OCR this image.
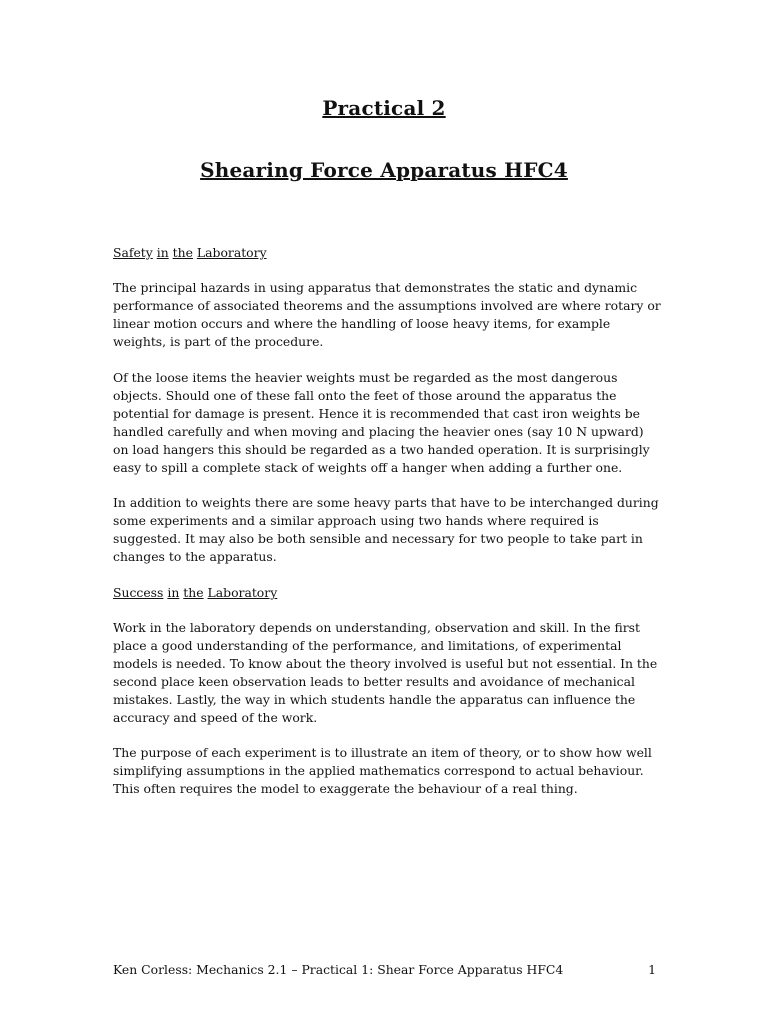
Practical 2
Shearing Force Apparatus HFC4
Safety in the Laboratory
The principal hazards in using apparatus that demonstrates the static and dynamic performance of associated theorems and the assumptions involved are where rotary or linear motion occurs and where the handling of loose heavy items, for example weights, is part of the procedure.
Of the loose items the heavier weights must be regarded as the most dangerous objects. Should one of these fall onto the feet of those around the apparatus the potential for damage is present. Hence it is recommended that cast iron weights be handled carefully and when moving and placing the heavier ones (say 10 N upward) on load hangers this should be regarded as a two handed operation. It is surprisingly easy to spill a complete stack of weights off a hanger when adding a further one.
In addition to weights there are some heavy parts that have to be interchanged during some experiments and a similar approach using two hands where required is suggested. It may also be both sensible and necessary for two people to take part in changes to the apparatus.
Success in the Laboratory
Work in the laboratory depends on understanding, observation and skill. In the first place a good understanding of the performance, and limitations, of experimental models is needed. To know about the theory involved is useful but not essential. In the second place keen observation leads to better results and avoidance of mechanical mistakes. Lastly, the way in which students handle the apparatus can influence the accuracy and speed of the work.
The purpose of each experiment is to illustrate an item of theory, or to show how well simplifying assumptions in the applied mathematics correspond to actual behaviour. This often requires the model to exaggerate the behaviour of a real thing.
Ken Corless: Mechanics 2.1 – Practical 1: Shear Force Apparatus HFC4	1
